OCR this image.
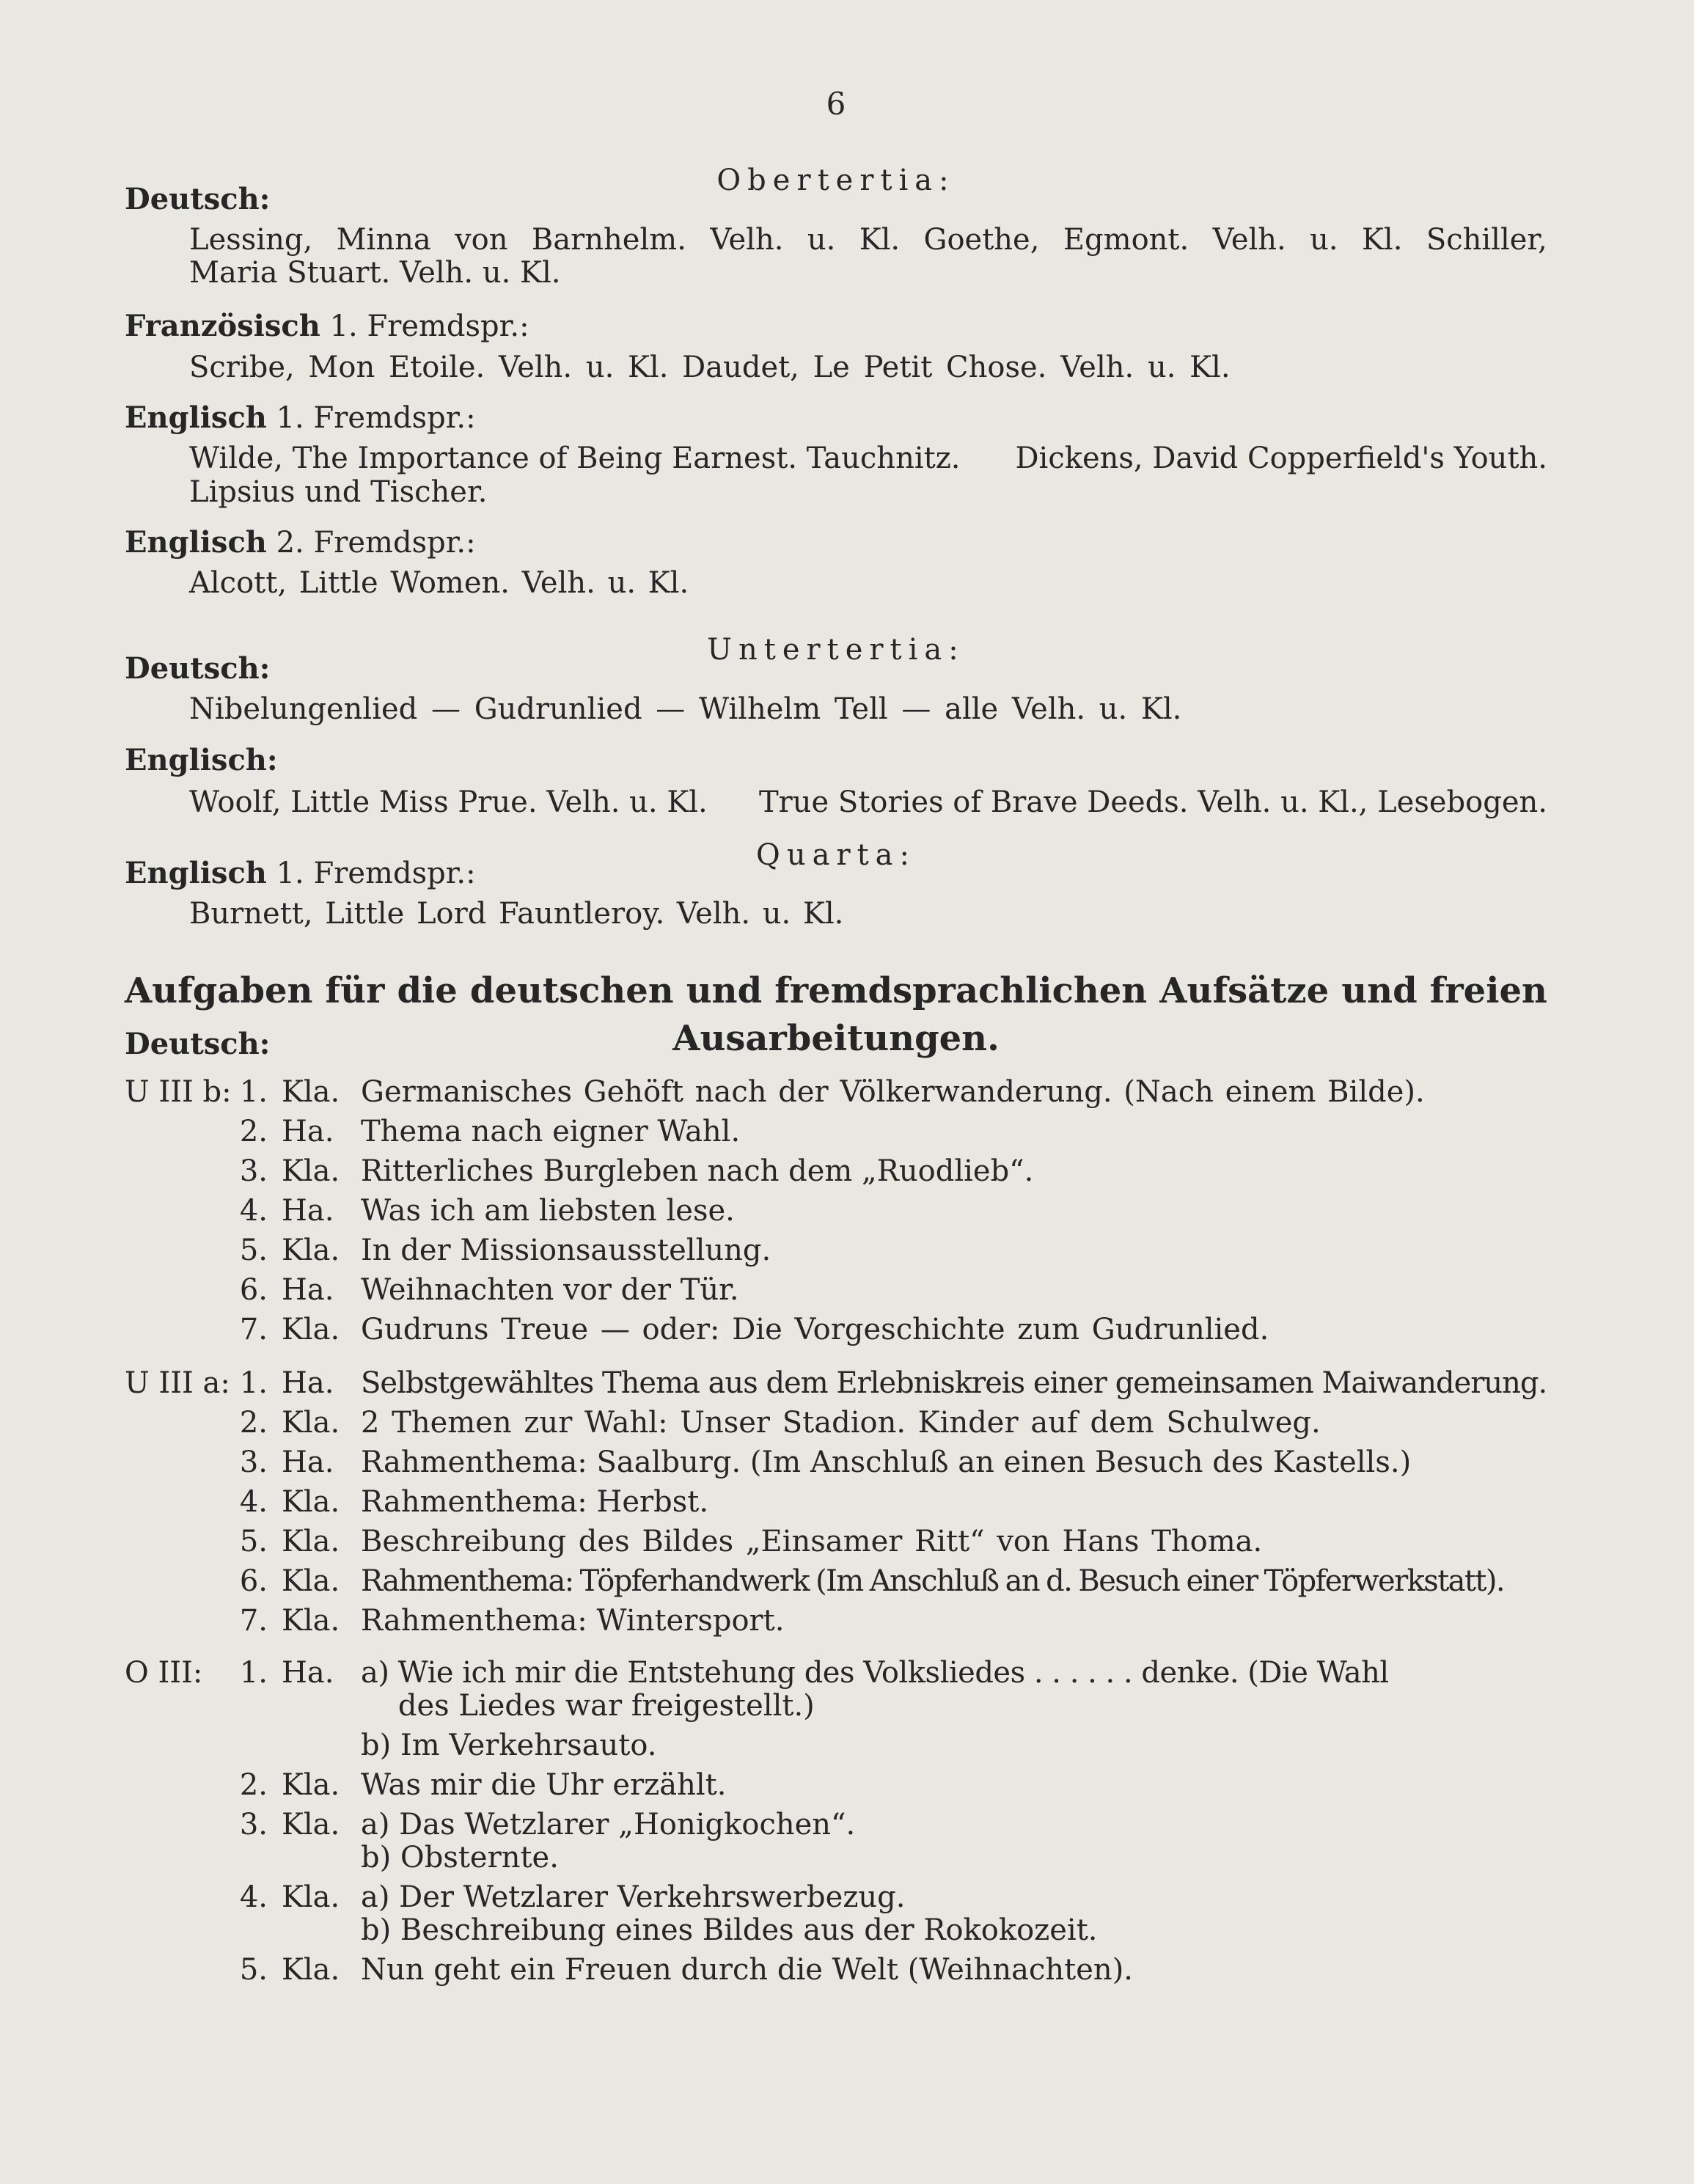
6
Obertertia:
Deutsch:
Lessing, Minna von Barnhelm. Velh. u. Kl. Goethe, Egmont. Velh. u. Kl. Schiller,
Maria Stuart. Velh. u. Kl.
Französisch 1. Fremdspr.:
Scribe, Mon Etoile. Velh. u. Kl. Daudet, Le Petit Chose. Velh. u. Kl.
Englisch 1. Fremdspr.:
Wilde, The Importance of Being Earnest. Tauchnitz. Dickens, David Copperfield's Youth.
Lipsius und Tischer.
Englisch 2. Fremdspr.:
Alcott, Little Women. Velh. u. Kl.
Untertertia:
Deutsch:
Nibelungenlied — Gudrunlied — Wilhelm Tell — alle Velh. u. Kl.
Englisch:
Woolf, Little Miss Prue. Velh. u. Kl. True Stories of Brave Deeds. Velh. u. Kl., Lesebogen.
Quarta:
Englisch 1. Fremdspr.:
Burnett, Little Lord Fauntleroy. Velh. u. Kl.
Aufgaben für die deutschen und fremdsprachlichen Aufsätze und freien
Ausarbeitungen.
Deutsch:
U III b: 1. Kla. Germanisches Gehöft nach der Völkerwanderung. (Nach einem Bilde).
2. Ha. Thema nach eigner Wahl.
3. Kla. Ritterliches Burgleben nach dem „Ruodlieb“.
4. Ha. Was ich am liebsten lese.
5. Kla. In der Missionsausstellung.
6. Ha. Weihnachten vor der Tür.
7. Kla. Gudruns Treue — oder: Die Vorgeschichte zum Gudrunlied.
U III a: 1. Ha. Selbstgewähltes Thema aus dem Erlebniskreis einer gemeinsamen Maiwanderung.
2. Kla. 2 Themen zur Wahl: Unser Stadion. Kinder auf dem Schulweg.
3. Ha. Rahmenthema: Saalburg. (Im Anschluß an einen Besuch des Kastells.)
4. Kla. Rahmenthema: Herbst.
5. Kla. Beschreibung des Bildes „Einsamer Ritt“ von Hans Thoma.
6. Kla. Rahmenthema: Töpferhandwerk (Im Anschluß an d. Besuch einer Töpferwerkstatt).
7. Kla. Rahmenthema: Wintersport.
O III:	1. Ha. a) Wie ich mir die Entstehung des Volksliedes . . . . . . denke. (Die Wahl
des Liedes war freigestellt.)
b) Im Verkehrsauto.
2. Kla. Was mir die Uhr erzählt.
3. Kla. a) Das Wetzlarer „Honigkochen“.
b) Obsternte.
4. Kla. a) Der Wetzlarer Verkehrswerbezug.
b) Beschreibung eines Bildes aus der Rokokozeit.
5. Kla. Nun geht ein Freuen durch die Welt (Weihnachten).
